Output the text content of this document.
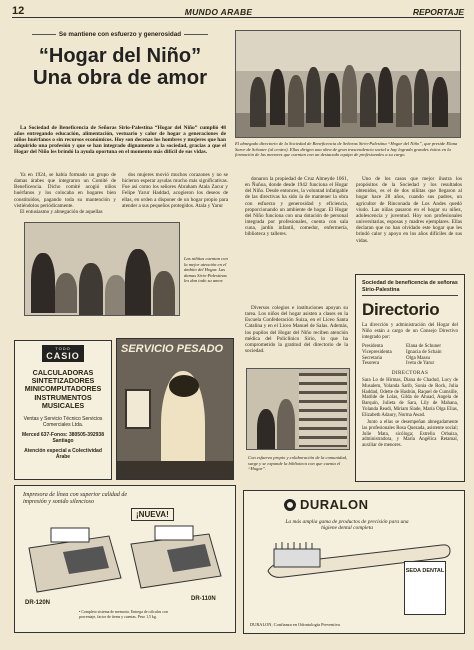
12	MUNDO ARABE	REPORTAJE
Se mantiene con esfuerzo y generosidad
“Hogar del Niño”
Una obra de amor
La Sociedad de Beneficencia de Señoras Sirio-Palestina “Hogar del Niño” cumplió 48 años entregando educación, alimentación, vestuario y calor de hogar a generaciones de niños huérfanos o sin recursos económicos. Hoy son decenas los hombres y mujeres que han adquirido una profesión y que se han integrado dignamente a la sociedad, gracias a que el Hogar del Niño les brindó la ayuda oportuna en el momento más difícil de sus vidas.
El abnegado directorio de la Sociedad de Beneficencia de Señoras Sirio-Palestina “Hogar del Niño”, que preside Elana Saror de Schuner (al centro). Ellas dirigen una obra de gran trascendencia social a hay logrado grandes éxitos en la formación de las menores que cuentan con un destacado equipo de profesionales a su cargo.

Ya en 1924, se había formado un grupo de damas árabes que integraron un Comité de Beneficencia. Dicho comité acogió niños huérfanos y los colocaba en hogares bien constituidos, pagando toda su mantención y vistiéndolos periódicamente.

El entusiasmo y abnegación de aquellas

dos mujeres movió muchos corazones y no se hicieron esperar ayudas mucho más significativas. Fue así como los señores Abraham Atala Zacur y Felipe Yarur Haddad, acogieron los deseos de ellas, en orden a disponer de un hogar propio para atender a sus pequeños protegidos. Atala y Yarur

Las niñitas cuentan con la mejor atención en el ámbito del Hogar. Las damas Sirio-Palestinas les dan todo su amor.

donaron la propiedad de Cruz Almeyde 1061, en Ñuñoa, donde desde 1942 funciona el Hogar del Niño. Desde entonces, la voluntad infatigable de las directivas ha sido la de mantener la obra con esfuerzo y generosidad y eficiencia, proporcionando un ambiente de hogar. El Hogar del Niño funciona con una dotación de personal integrada por profesionales, cuenta con sala cuna, jardín infantil, comedor, enfermería, biblioteca y talleres.

Uno de los casos que mejor ilustra los propósitos de la Sociedad y los resultados obtenidos, es el de dos niñitas que llegaron al hogar hace 28 años, cuando sus padres, un agricultor de Rinconada de Los Andes quedó viudo. Las niñas pasaron en el hogar su niñez, adolescencia y juventud. Hoy son profesionales universitarias, esposas y madres ejemplares. Ellas declaran que no han olvidado este hogar que les brindó calor y apoyo en los años difíciles de sus vidas.

Diversos colegios e instituciones apoyan su tarea. Los niños del hogar asisten a clases en la Escuela Confederación Suiza, en el Liceo Santa Catalina y en el Liceo Manuel de Salas. Además, los pupilos del Hogar del Niño reciben atención médica del Policlínico Sirio, lo que ha comprometido la gratitud del directorio de la sociedad.

Con esfuerzo propio y colaboración de la comunidad, surge y se expande la biblioteca con que cuenta el “Hogar”.
Sociedad de beneficencia de señoras Sirio-Palestina
Directorio
La dirección y administración del Hogar del Niño están a cargo de un Consejo Directivo integrado por:
Presidenta	Elana de Schuner
Vicepresidenta	Ignacia de Schain
Secretaria	Olga Massu
Tesorera	Iveta de Yarur
DIRECTORAS
Sara Lo de Hirmas, Diana de Chadud, Lucy de Musalem, Yolanda Sarib, Sonia de Rock, Julia Haddad, Odette de Hasbún, Raquel de Cumsille, Matilde de Lolas, Gilda de Ahuad, Angela de Barquín, Julieta de Sara, Lily de Mahana, Yolanda Readi, Miriam Slade, María Olga Elias, Elizabeth Adaury, Norma Awad.
Junto a ellas se desempeñan abnegadamente las profesionales Rosa Quezada, asistente social; Julie Mata, sicóloga; Estrella Orbaiza, administradora, y María Angélica Retamal, auxiliar de menores.
TODO
CASIO
CALCULADORAS
SINTETIZADORES
MINICOMPUTADORES
INSTRUMENTOS MUSICALES
Ventas y Servicio Técnico Servicios Comerciales Ltda.
Merced 637-Fonos: 380505-392938 Santiago
Atención especial a Colectividad Árabe
SERVICIO PESADO
Impresora de línea con superior calidad de impresión y sonido silencioso
¡NUEVA!
DR-120N
DR-110N
• Completo sistema de memoria. Entrega de cálculos con porcentaje, factor de ítems y cuentas. Peso 1,5 kg.
DURALON
La más amplia gama de productos de precisión para una higiene dental completa
SEDA DENTAL
DURALON, Confianza en Odontología Preventiva
